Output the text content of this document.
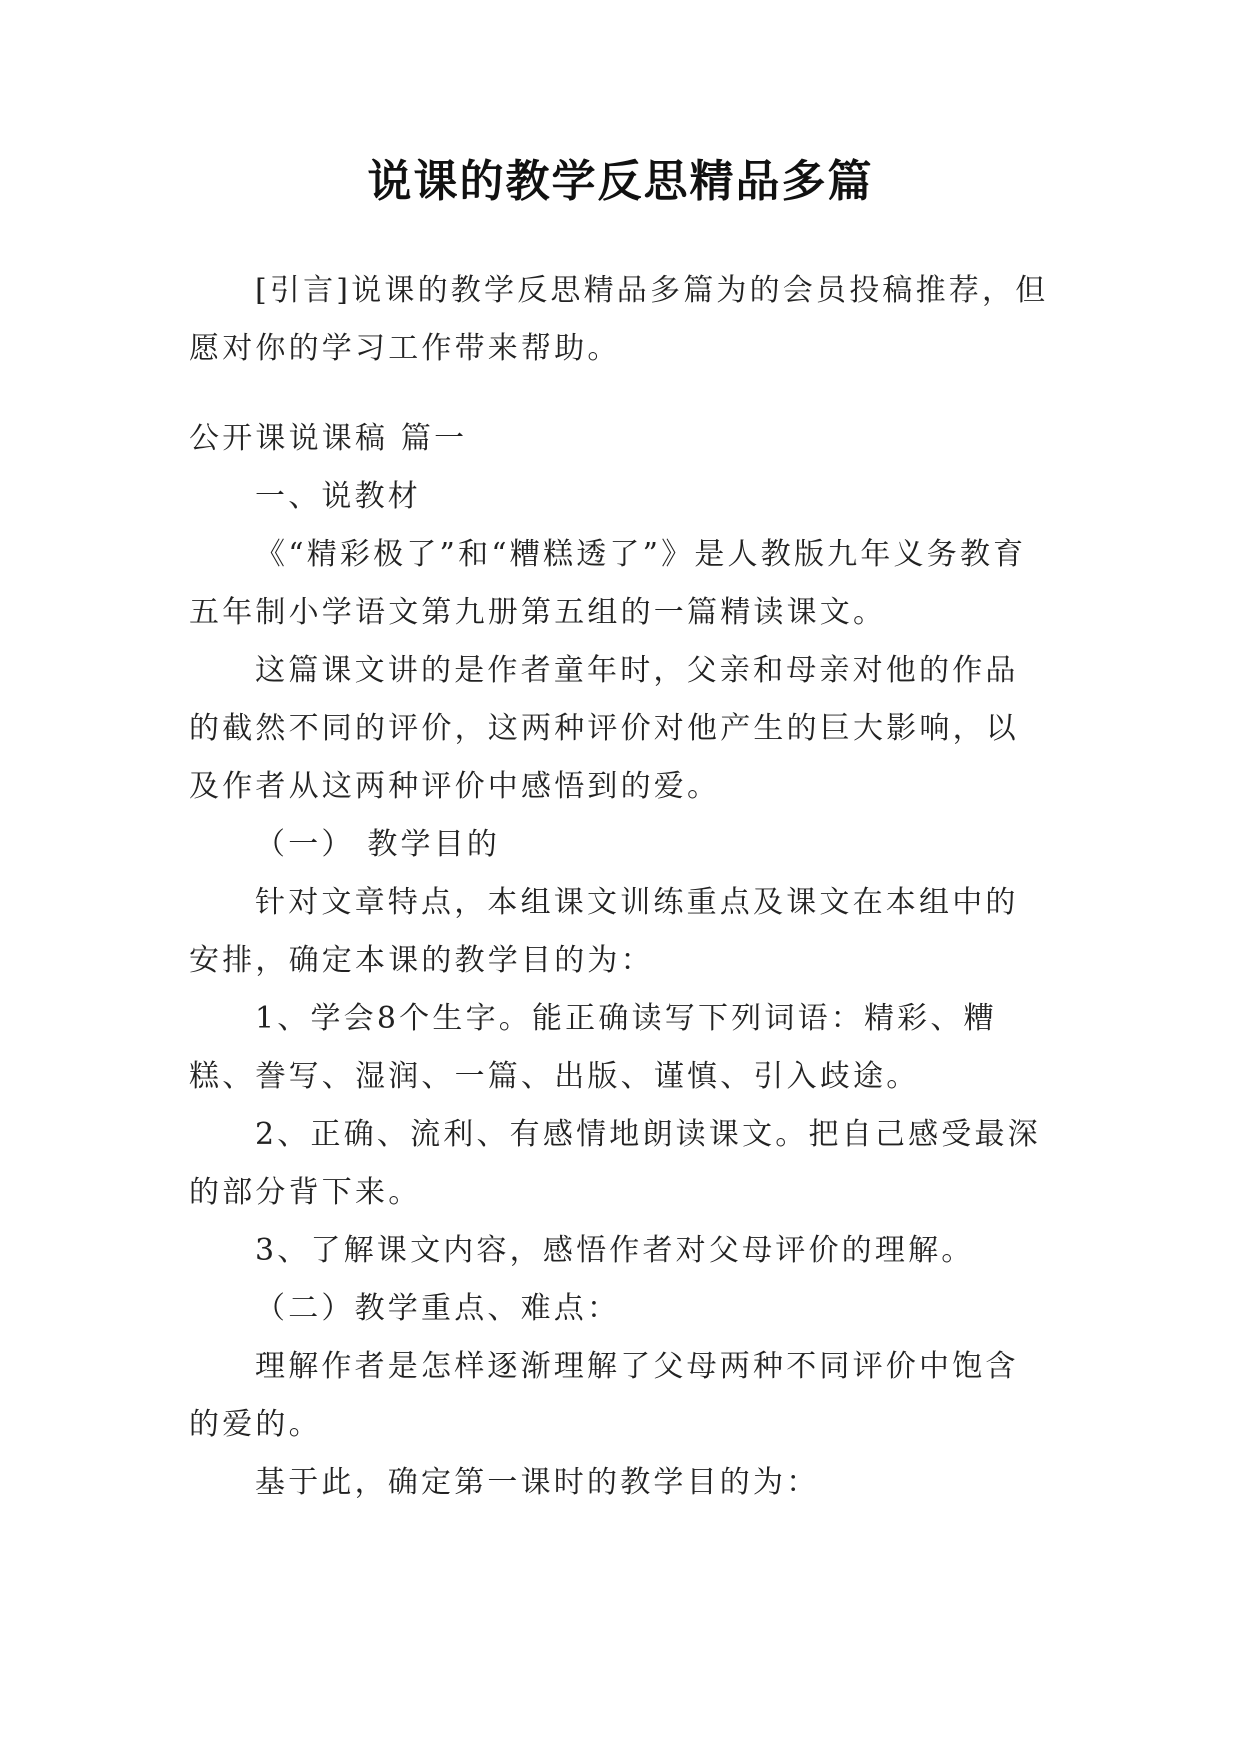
说课的教学反思精品多篇

[引言]说课的教学反思精品多篇为的会员投稿推荐，但愿对你的学习工作带来帮助。

公开课说课稿 篇一

一、说教材

《“精彩极了”和“糟糕透了”》是人教版九年义务教育五年制小学语文第九册第五组的一篇精读课文。

这篇课文讲的是作者童年时，父亲和母亲对他的作品的截然不同的评价，这两种评价对他产生的巨大影响，以及作者从这两种评价中感悟到的爱。

（一） 教学目的

针对文章特点，本组课文训练重点及课文在本组中的安排，确定本课的教学目的为：

1、学会8个生字。能正确读写下列词语：精彩、糟糕、誊写、湿润、一篇、出版、谨慎、引入歧途。

2、正确、流利、有感情地朗读课文。把自己感受最深的部分背下来。

3、了解课文内容，感悟作者对父母评价的理解。

（二）教学重点、难点：

理解作者是怎样逐渐理解了父母两种不同评价中饱含的爱的。

基于此，确定第一课时的教学目的为：
